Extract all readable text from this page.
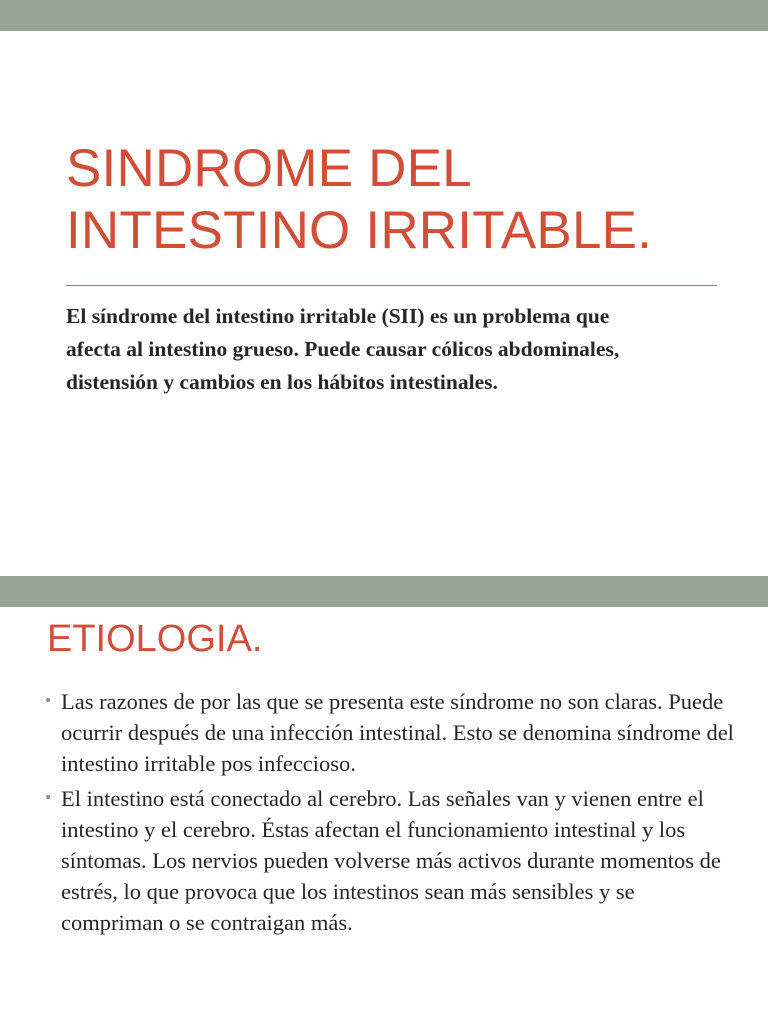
SINDROME DEL INTESTINO IRRITABLE.

El síndrome del intestino irritable (SII) es un problema que afecta al intestino grueso. Puede causar cólicos abdominales, distensión y cambios en los hábitos intestinales.

ETIOLOGIA.
• Las razones de por las que se presenta este síndrome no son claras. Puede ocurrir después de una infección intestinal. Esto se denomina síndrome del intestino irritable pos infeccioso.
• El intestino está conectado al cerebro. Las señales van y vienen entre el intestino y el cerebro. Éstas afectan el funcionamiento intestinal y los síntomas. Los nervios pueden volverse más activos durante momentos de estrés, lo que provoca que los intestinos sean más sensibles y se compriman o se contraigan más.
